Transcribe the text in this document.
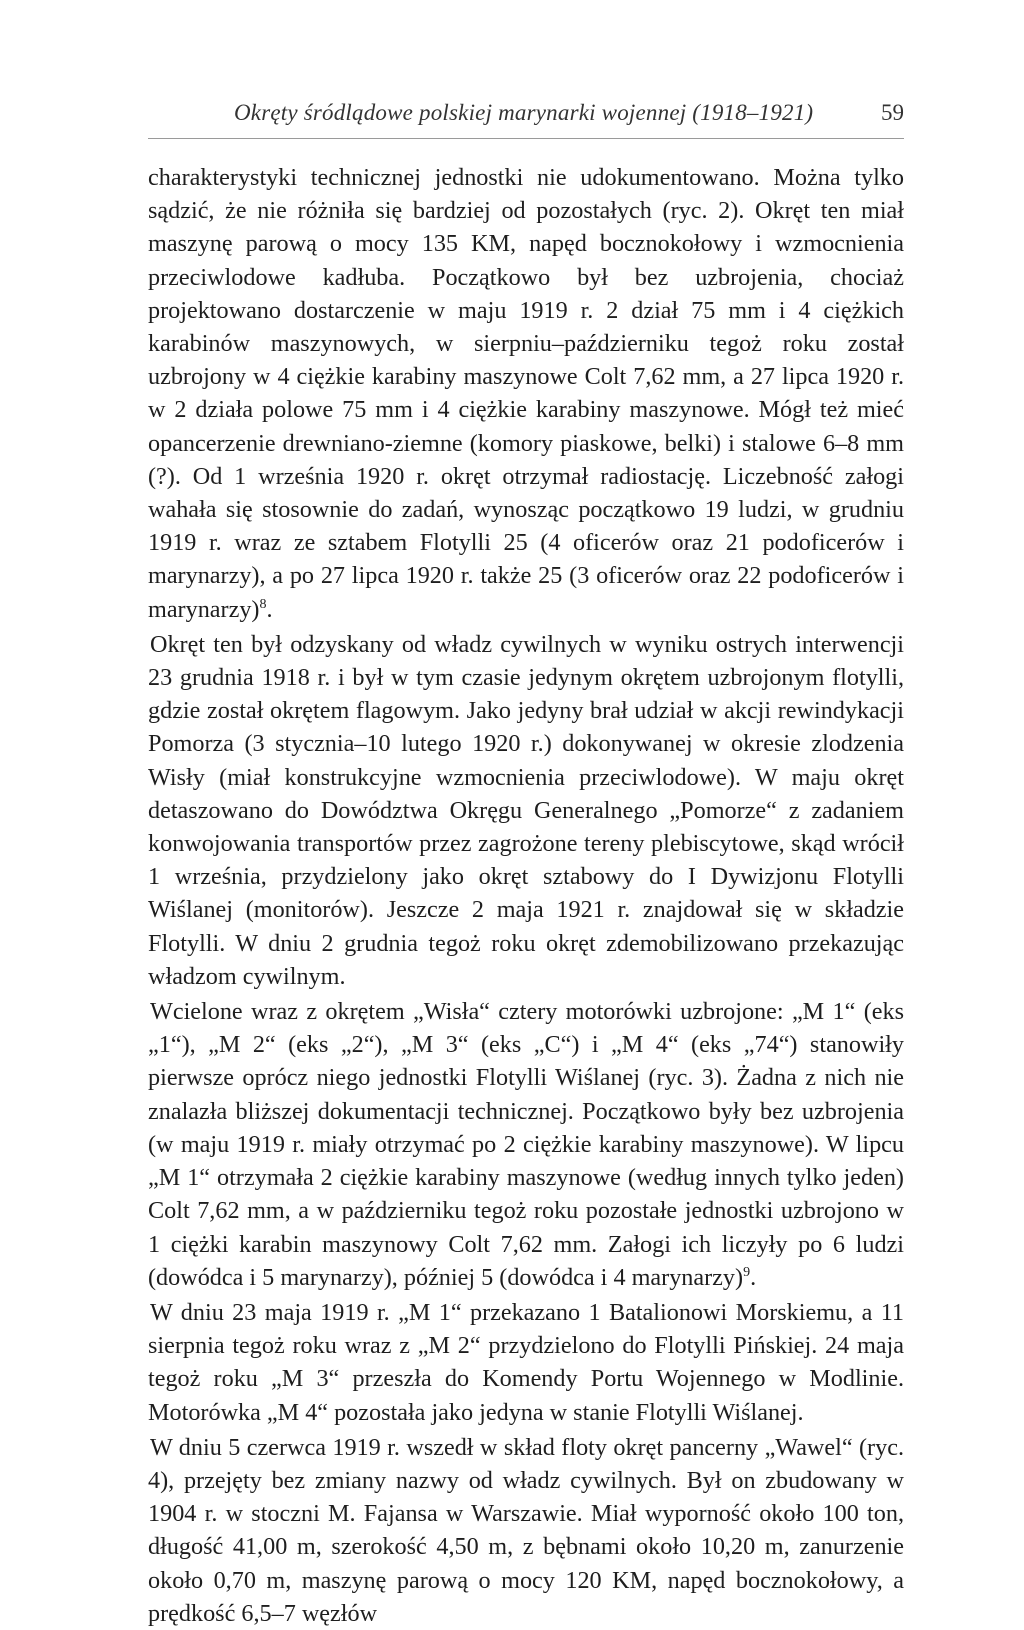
Okręty śródlądowe polskiej marynarki wojennej (1918–1921)	59

charakterystyki technicznej jednostki nie udokumentowano. Można tylko sądzić, że nie różniła się bardziej od pozostałych (ryc. 2). Okręt ten miał maszynę parową o mocy 135 KM, napęd bocznokołowy i wzmocnienia przeciwlodowe kadłuba. Początkowo był bez uzbrojenia, chociaż projektowano dostarczenie w maju 1919 r. 2 dział 75 mm i 4 ciężkich karabinów maszynowych, w sierpniu–październiku tegoż roku został uzbrojony w 4 ciężkie karabiny maszynowe Colt 7,62 mm, a 27 lipca 1920 r. w 2 działa polowe 75 mm i 4 ciężkie karabiny maszynowe. Mógł też mieć opancerzenie drewniano-ziemne (komory piaskowe, belki) i stalowe 6–8 mm (?). Od 1 września 1920 r. okręt otrzymał radiostację. Liczebność załogi wahała się stosownie do zadań, wynosząc początkowo 19 ludzi, w grudniu 1919 r. wraz ze sztabem Flotylli 25 (4 oficerów oraz 21 podoficerów i marynarzy), a po 27 lipca 1920 r. także 25 (3 oficerów oraz 22 podoficerów i marynarzy)$^8$.

Okręt ten był odzyskany od władz cywilnych w wyniku ostrych interwencji 23 grudnia 1918 r. i był w tym czasie jedynym okrętem uzbrojonym flotylli, gdzie został okrętem flagowym. Jako jedyny brał udział w akcji rewindykacji Pomorza (3 stycznia–10 lutego 1920 r.) dokonywanej w okresie zlodzenia Wisły (miał konstrukcyjne wzmocnienia przeciwlodowe). W maju okręt detaszowano do Dowództwa Okręgu Generalnego „Pomorze“ z zadaniem konwojowania transportów przez zagrożone tereny plebiscytowe, skąd wrócił 1 września, przydzielony jako okręt sztabowy do I Dywizjonu Flotylli Wiślanej (monitorów). Jeszcze 2 maja 1921 r. znajdował się w składzie Flotylli. W dniu 2 grudnia tegoż roku okręt zdemobilizowano przekazując władzom cywilnym.

Wcielone wraz z okrętem „Wisła“ cztery motorówki uzbrojone: „M 1“ (eks „1“), „M 2“ (eks „2“), „M 3“ (eks „C“) i „M 4“ (eks „74“) stanowiły pierwsze oprócz niego jednostki Flotylli Wiślanej (ryc. 3). Żadna z nich nie znalazła bliższej dokumentacji technicznej. Początkowo były bez uzbrojenia (w maju 1919 r. miały otrzymać po 2 ciężkie karabiny maszynowe). W lipcu „M 1“ otrzymała 2 ciężkie karabiny maszynowe (według innych tylko jeden) Colt 7,62 mm, a w październiku tegoż roku pozostałe jednostki uzbrojono w 1 ciężki karabin maszynowy Colt 7,62 mm. Załogi ich liczyły po 6 ludzi (dowódca i 5 marynarzy), później 5 (dowódca i 4 marynarzy)$^9$.

W dniu 23 maja 1919 r. „M 1“ przekazano 1 Batalionowi Morskiemu, a 11 sierpnia tegoż roku wraz z „M 2“ przydzielono do Flotylli Pińskiej. 24 maja tegoż roku „M 3“ przeszła do Komendy Portu Wojennego w Modlinie. Motorówka „M 4“ pozostała jako jedyna w stanie Flotylli Wiślanej.

W dniu 5 czerwca 1919 r. wszedł w skład floty okręt pancerny „Wawel“ (ryc. 4), przejęty bez zmiany nazwy od władz cywilnych. Był on zbudowany w 1904 r. w stoczni M. Fajansa w Warszawie. Miał wyporność około 100 ton, długość 41,00 m, szerokość 4,50 m, z bębnami około 10,20 m, zanurzenie około 0,70 m, maszynę parową o mocy 120 KM, napęd bocznokołowy, a prędkość 6,5–7 węzłów
